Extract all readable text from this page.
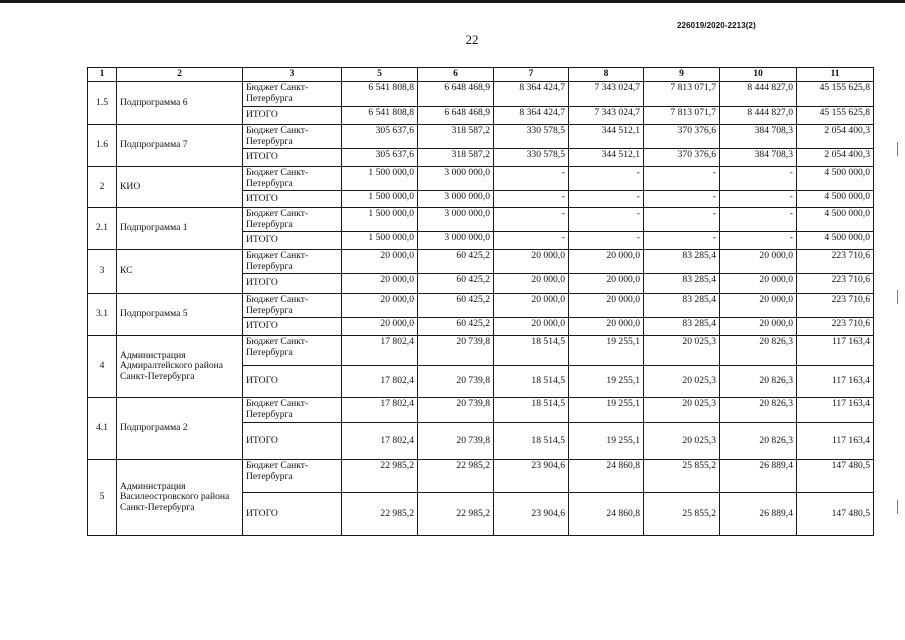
226019/2020-2213(2)
22
1	2	3	5	6	7	8	9	10	11
1.5	Подпрограмма 6	Бюджет Санкт-Петербурга	6 541 808,8	6 648 468,9	8 364 424,7	7 343 024,7	7 813 071,7	8 444 827,0	45 155 625,8
		ИТОГО	6 541 808,8	6 648 468,9	8 364 424,7	7 343 024,7	7 813 071,7	8 444 827,0	45 155 625,8
1.6	Подпрограмма 7	Бюджет Санкт-Петербурга	305 637,6	318 587,2	330 578,5	344 512,1	370 376,6	384 708,3	2 054 400,3
		ИТОГО	305 637,6	318 587,2	330 578,5	344 512,1	370 376,6	384 708,3	2 054 400,3
2	КИО	Бюджет Санкт-Петербурга	1 500 000,0	3 000 000,0	-	-	-	-	4 500 000,0
		ИТОГО	1 500 000,0	3 000 000,0	-	-	-	-	4 500 000,0
2.1	Подпрограмма 1	Бюджет Санкт-Петербурга	1 500 000,0	3 000 000,0	-	-	-	-	4 500 000,0
		ИТОГО	1 500 000,0	3 000 000,0	-	-	-	-	4 500 000,0
3	КС	Бюджет Санкт-Петербурга	20 000,0	60 425,2	20 000,0	20 000,0	83 285,4	20 000,0	223 710,6
		ИТОГО	20 000,0	60 425,2	20 000,0	20 000,0	83 285,4	20 000,0	223 710,6
3.1	Подпрограмма 5	Бюджет Санкт-Петербурга	20 000,0	60 425,2	20 000,0	20 000,0	83 285,4	20 000,0	223 710,6
		ИТОГО	20 000,0	60 425,2	20 000,0	20 000,0	83 285,4	20 000,0	223 710,6
4	Администрация Адмиралтейского района Санкт-Петербурга	Бюджет Санкт-Петербурга	17 802,4	20 739,8	18 514,5	19 255,1	20 025,3	20 826,3	117 163,4
		ИТОГО	17 802,4	20 739,8	18 514,5	19 255,1	20 025,3	20 826,3	117 163,4
4.1	Подпрограмма 2	Бюджет Санкт-Петербурга	17 802,4	20 739,8	18 514,5	19 255,1	20 025,3	20 826,3	117 163,4
		ИТОГО	17 802,4	20 739,8	18 514,5	19 255,1	20 025,3	20 826,3	117 163,4
5	Администрация Василеостровского района Санкт-Петербурга	Бюджет Санкт-Петербурга	22 985,2	22 985,2	23 904,6	24 860,8	25 855,2	26 889,4	147 480,5
		ИТОГО	22 985,2	22 985,2	23 904,6	24 860,8	25 855,2	26 889,4	147 480,5
